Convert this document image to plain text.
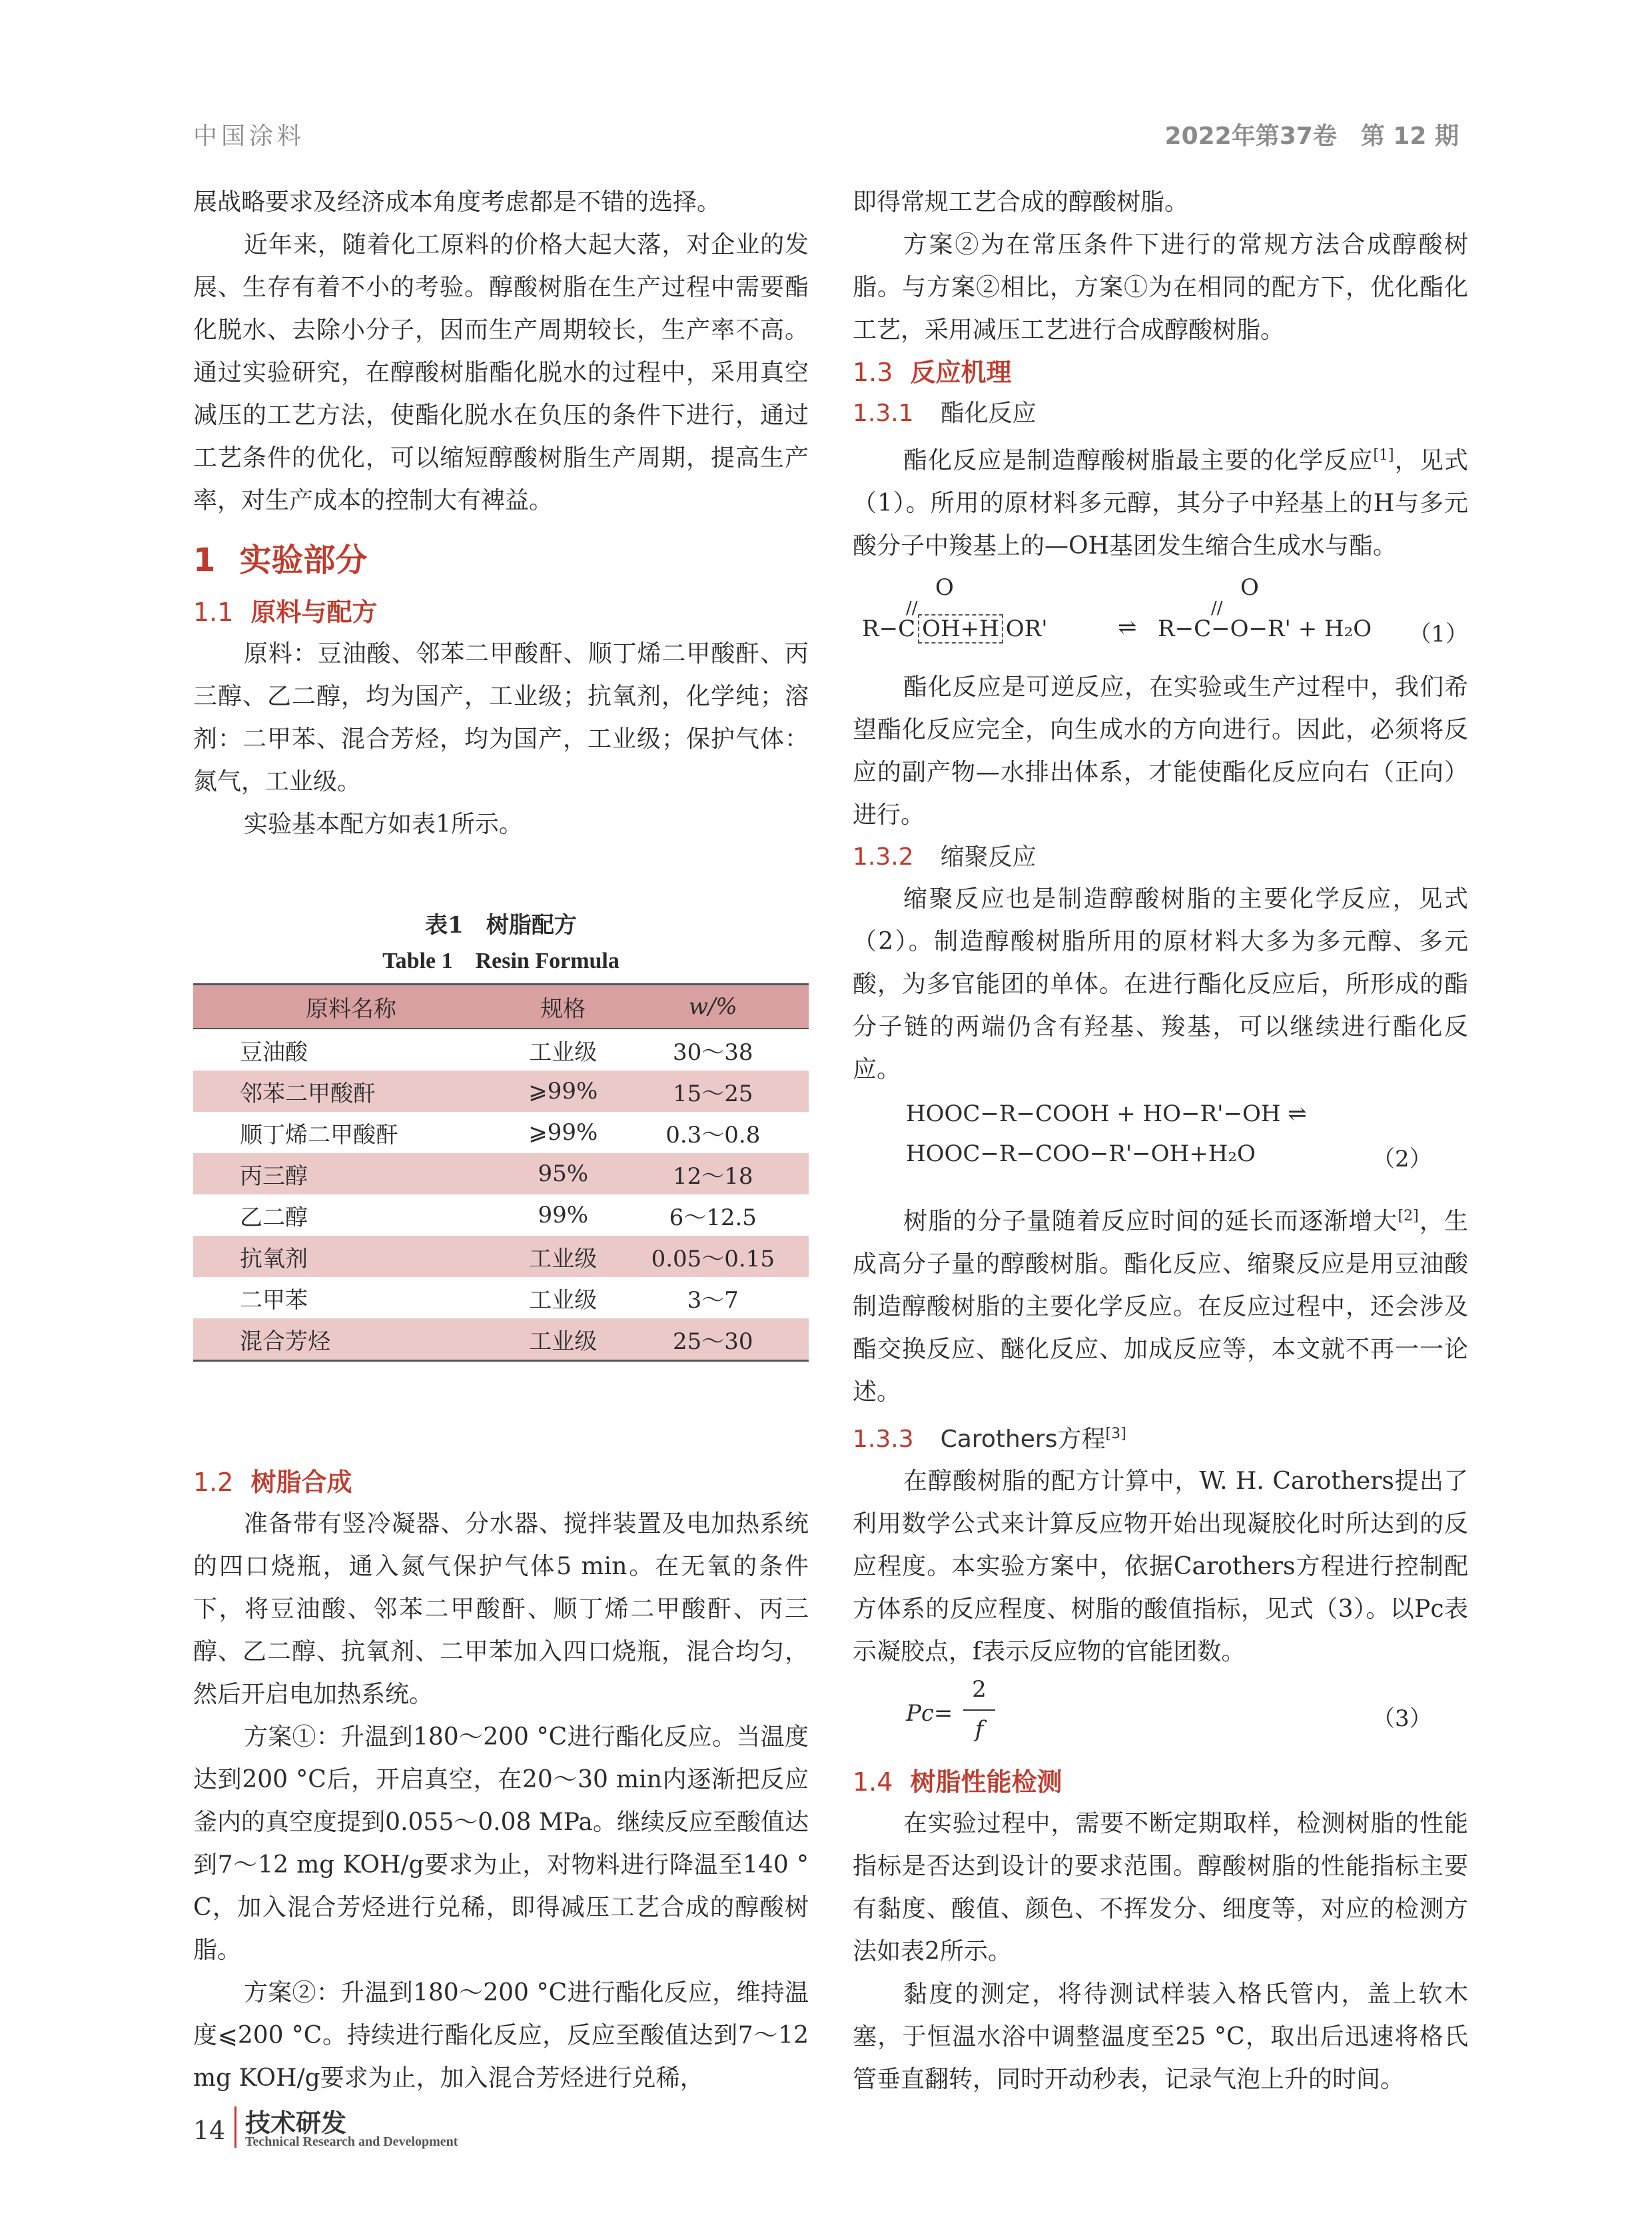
中国涂料	2022年第37卷　第 12 期

展战略要求及经济成本角度考虑都是不错的选择。

近年来，随着化工原料的价格大起大落，对企业的发展、生存有着不小的考验。醇酸树脂在生产过程中需要酯化脱水、去除小分子，因而生产周期较长，生产率不高。通过实验研究，在醇酸树脂酯化脱水的过程中，采用真空减压的工艺方法，使酯化脱水在负压的条件下进行，通过工艺条件的优化，可以缩短醇酸树脂生产周期，提高生产率，对生产成本的控制大有裨益。

1 实验部分
1.1 原料与配方

原料：豆油酸、邻苯二甲酸酐、顺丁烯二甲酸酐、丙三醇、乙二醇，均为国产，工业级；抗氧剂，化学纯；溶剂：二甲苯、混合芳烃，均为国产，工业级；保护气体：氮气，工业级。

实验基本配方如表1所示。

表1　树脂配方

Table 1　Resin Formula

原料名称	规格	w/%
豆油酸	工业级	30～38
邻苯二甲酸酐	⩾99%	15～25
顺丁烯二甲酸酐	⩾99%	0.3～0.8
丙三醇	95%	12～18
乙二醇	99%	6～12.5
抗氧剂	工业级	0.05～0.15
二甲苯	工业级	3～7
混合芳烃	工业级	25～30
1.2 树脂合成

准备带有竖冷凝器、分水器、搅拌装置及电加热系统的四口烧瓶，通入氮气保护气体5 min。在无氧的条件下，将豆油酸、邻苯二甲酸酐、顺丁烯二甲酸酐、丙三醇、乙二醇、抗氧剂、二甲苯加入四口烧瓶，混合均匀，然后开启电加热系统。

方案①：升温到180～200 °C进行酯化反应。当温度达到200 °C后，开启真空，在20～30 min内逐渐把反应釜内的真空度提到0.055～0.08 MPa。继续反应至酸值达到7～12 mg KOH/g要求为止，对物料进行降温至140 °C，加入混合芳烃进行兑稀，即得减压工艺合成的醇酸树脂。

方案②：升温到180～200 °C进行酯化反应，维持温度⩽200 °C。持续进行酯化反应，反应至酸值达到7～12 mg KOH/g要求为止，加入混合芳烃进行兑稀，

即得常规工艺合成的醇酸树脂。

方案②为在常压条件下进行的常规方法合成醇酸树脂。与方案②相比，方案①为在相同的配方下，优化酯化工艺，采用减压工艺进行合成醇酸树脂。

1.3 反应机理
1.3.1 酯化反应

酯化反应是制造醇酸树脂最主要的化学反应[1]，见式（1）。所用的原材料多元醇，其分子中羟基上的H与多元酸分子中羧基上的—OH基团发生缩合生成水与酯。

O	O
//	//
R−C OH+H OR'	⇌ R−C−O−R' + H₂O （1）

酯化反应是可逆反应，在实验或生产过程中，我们希望酯化反应完全，向生成水的方向进行。因此，必须将反应的副产物—水排出体系，才能使酯化反应向右（正向）进行。

1.3.2 缩聚反应

缩聚反应也是制造醇酸树脂的主要化学反应，见式（2）。制造醇酸树脂所用的原材料大多为多元醇、多元酸，为多官能团的单体。在进行酯化反应后，所形成的酯分子链的两端仍含有羟基、羧基，可以继续进行酯化反应。

HOOC−R−COOH + HO−R'−OH ⇌
HOOC−R−COO−R'−OH+H₂O	（2）

树脂的分子量随着反应时间的延长而逐渐增大[2]，生成高分子量的醇酸树脂。酯化反应、缩聚反应是用豆油酸制造醇酸树脂的主要化学反应。在反应过程中，还会涉及酯交换反应、醚化反应、加成反应等，本文就不再一一论述。

1.3.3 Carothers方程[3]

在醇酸树脂的配方计算中，W. H. Carothers提出了利用数学公式来计算反应物开始出现凝胶化时所达到的反应程度。本实验方案中，依据Carothers方程进行控制配方体系的反应程度、树脂的酸值指标，见式（3）。以Pc表示凝胶点，f表示反应物的官能团数。

Pc=
2
f	（3）
1.4 树脂性能检测

在实验过程中，需要不断定期取样，检测树脂的性能指标是否达到设计的要求范围。醇酸树脂的性能指标主要有黏度、酸值、颜色、不挥发分、细度等，对应的检测方法如表2所示。

黏度的测定，将待测试样装入格氏管内，盖上软木塞，于恒温水浴中调整温度至25 °C，取出后迅速将格氏管垂直翻转，同时开动秒表，记录气泡上升的时间。

14 技术研发
Technical Research and Development
